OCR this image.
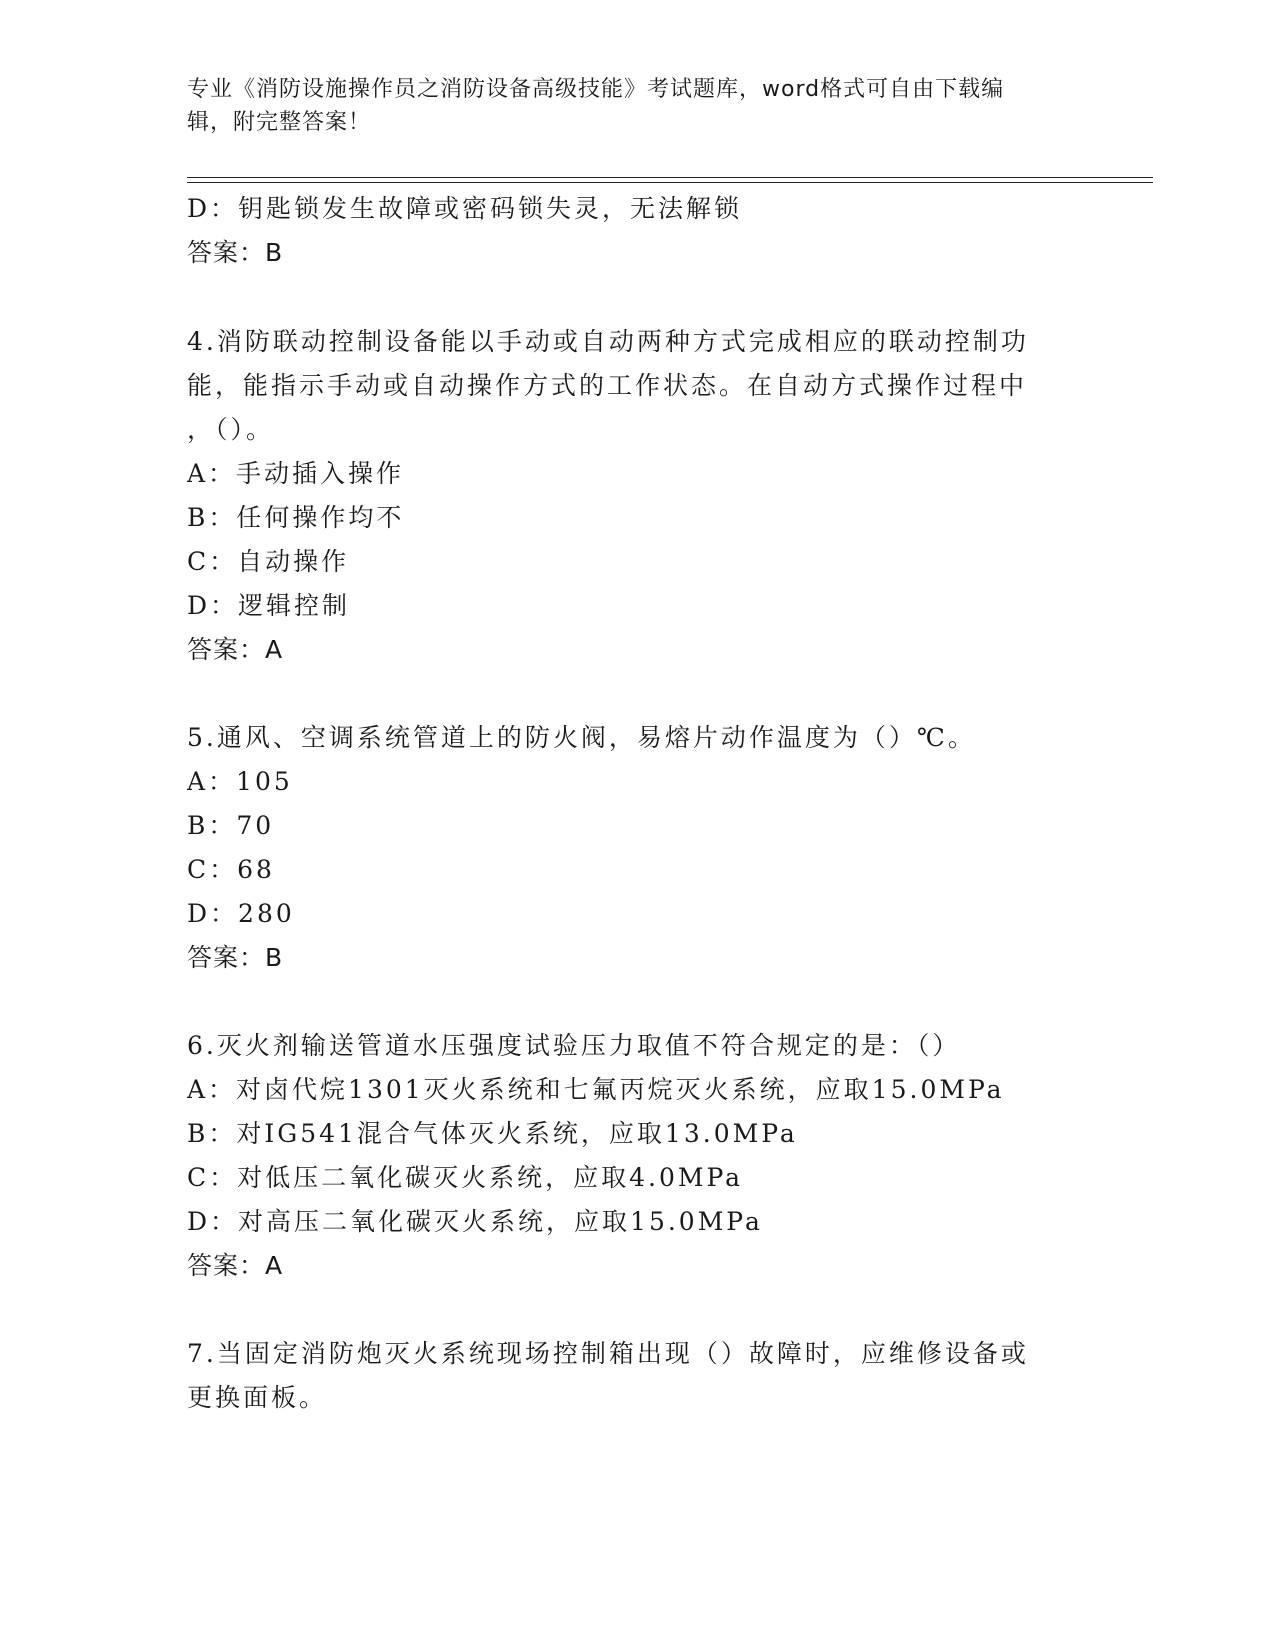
专业《消防设施操作员之消防设备高级技能》考试题库，word格式可自由下载编
辑，附完整答案！
D：钥匙锁发生故障或密码锁失灵，无法解锁
答案：B
4.消防联动控制设备能以手动或自动两种方式完成相应的联动控制功
能，能指示手动或自动操作方式的工作状态。在自动方式操作过程中
，（）。
A：手动插入操作
B：任何操作均不
C：自动操作
D：逻辑控制
答案：A
5.通风、空调系统管道上的防火阀，易熔片动作温度为（）℃。
A：105
B：70
C：68
D：280
答案：B
6.灭火剂输送管道水压强度试验压力取值不符合规定的是：（）
A：对卤代烷1301灭火系统和七氟丙烷灭火系统，应取15.0MPa
B：对IG541混合气体灭火系统，应取13.0MPa
C：对低压二氧化碳灭火系统，应取4.0MPa
D：对高压二氧化碳灭火系统，应取15.0MPa
答案：A
7.当固定消防炮灭火系统现场控制箱出现（）故障时，应维修设备或
更换面板。
